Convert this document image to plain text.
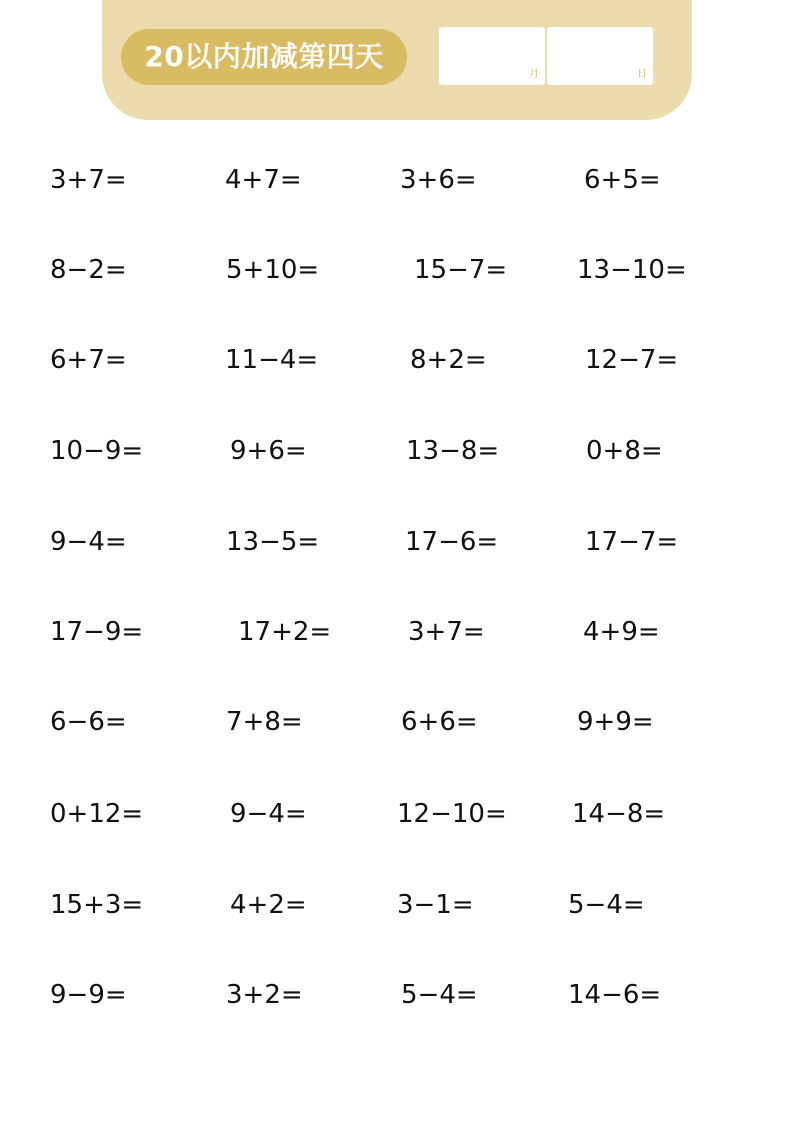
20以内加减第四天
月	日
3+7=	4+7=	3+6=	6+5=
8−2=	5+10=	15−7=	13−10=
6+7=	11−4=	8+2=	12−7=
10−9=	9+6=	13−8=	0+8=
9−4=	13−5=	17−6=	17−7=
17−9=	17+2=	3+7=	4+9=
6−6=	7+8=	6+6=	9+9=
0+12=	9−4=	12−10=	14−8=
15+3=	4+2=	3−1=	5−4=
9−9=	3+2=	5−4=	14−6=
